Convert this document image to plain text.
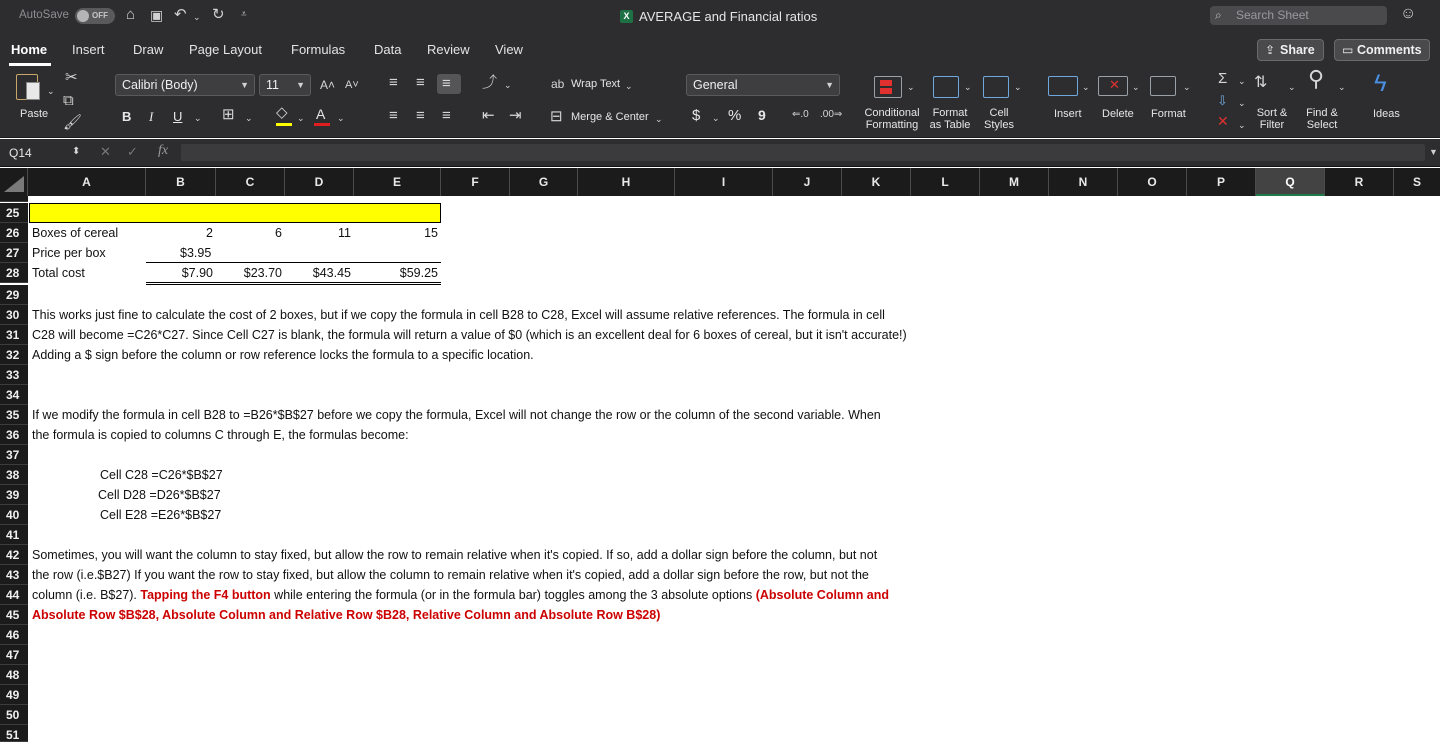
AutoSave	OFF ⌂ ▣ ↶ ⌄ ↻ ⩡	X AVERAGE and Financial ratios	⌕ Search Sheet	☺
Home Insert Draw Page Layout Formulas Data Review View	⇪ Share	▭ Comments
⌄
Paste
✂
⧉
🖌
Calibri (Body)	▼	11 ▼ A˄ A˅
B I U ⌄ ⊞ ⌄ ◇ ⌄ A ⌄
≡ ≡ ≡
≡ ≡ ≡
⤴ ⌄
⇤ ⇥
ab Wrap Text ⌄
⊟ Merge & Center ⌄
General	▼
$ ⌄ % 9	⇐.0 .00⇒
⌄
Conditional
Formatting
⌄
Format
as Table
⌄
Cell
Styles
⌄
Insert
✕ ⌄
Delete
⌄
Format
Σ ⌄
⇩ ⌄
✕ ⌄
⇅ ⌄
Sort &
Filter
⚲ ⌄
Find &
Select
ϟ
Ideas
Q14	⬍ ✕ ✓ fx	▼
A	B	C	D	E	F	G	H	I	J	K	L	M	N	O	P	Q	R	S
25
26
27
28
29
30
31
32
33
34
35
36
37
38
39
40
41
42
43
44
45
46
47
48
49
50
51
Boxes of cereal	2	6	11	15
Price per box	$3.95
Total cost	$7.90	$23.70	$43.45	$59.25
This works just fine to calculate the cost of 2 boxes, but if we copy the formula in cell B28 to C28, Excel will assume relative references. The formula in cell
C28 will become =C26*C27. Since Cell C27 is blank, the formula will return a value of $0 (which is an excellent deal for 6 boxes of cereal, but it isn't accurate!)
Adding a $ sign before the column or row reference locks the formula to a specific location.
If we modify the formula in cell B28 to =B26*$B$27 before we copy the formula, Excel will not change the row or the column of the second variable. When
the formula is copied to columns C through E, the formulas become:
Cell C28 =C26*$B$27
Cell D28 =D26*$B$27
Cell E28 =E26*$B$27
Sometimes, you will want the column to stay fixed, but allow the row to remain relative when it's copied. If so, add a dollar sign before the column, but not
the row (i.e.$B27) If you want the row to stay fixed, but allow the column to remain relative when it's copied, add a dollar sign before the row, but not the
column (i.e. B$27). Tapping the F4 button while entering the formula (or in the formula bar) toggles among the 3 absolute options (Absolute Column and
Absolute Row $B$28, Absolute Column and Relative Row $B28, Relative Column and Absolute Row B$28)
